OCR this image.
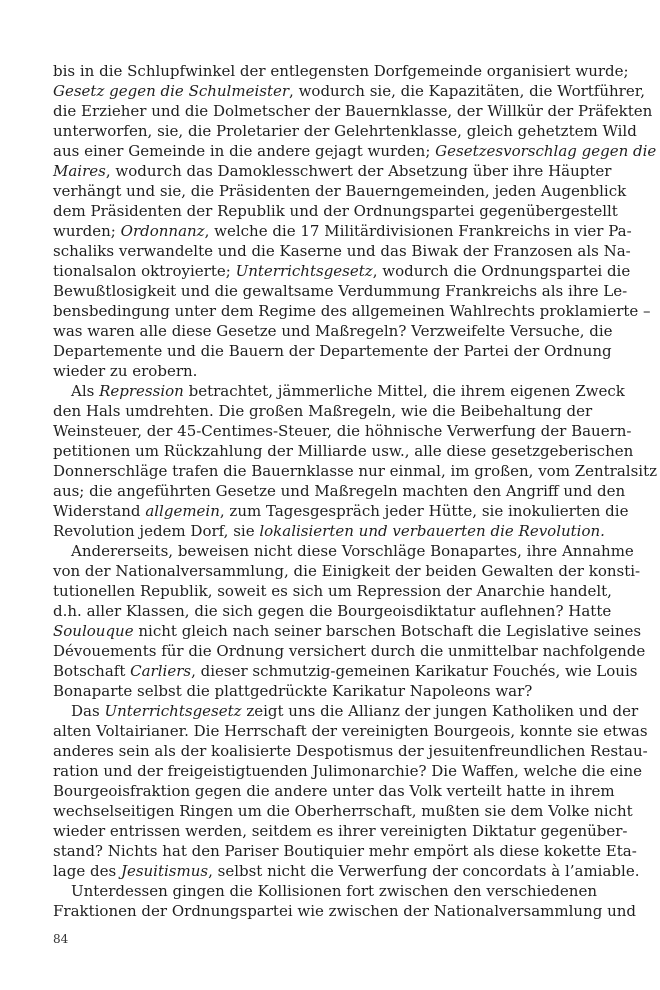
bis in die Schlupfwinkel der entlegensten Dorfgemeinde organisiert wurde;
Gesetz gegen die Schulmeister, wodurch sie, die Kapazitäten, die Wortführer,
die Erzieher und die Dolmetscher der Bauernklasse, der Willkür der Präfekten
unterworfen, sie, die Proletarier der Gelehrtenklasse, gleich gehetztem Wild
aus einer Gemeinde in die andere gejagt wurden; Gesetzesvorschlag gegen die
Maires, wodurch das Damoklesschwert der Absetzung über ihre Häupter
verhängt und sie, die Präsidenten der Bauerngemeinden, jeden Augenblick
dem Präsidenten der Republik und der Ordnungspartei gegenübergestellt
wurden; Ordonnanz, welche die 17 Militärdivisionen Frankreichs in vier Pa-
schaliks verwandelte und die Kaserne und das Biwak der Franzosen als Na-
tionalsalon oktroyierte; Unterrichtsgesetz, wodurch die Ordnungspartei die
Bewußtlosigkeit und die gewaltsame Verdummung Frankreichs als ihre Le-
bensbedingung unter dem Regime des allgemeinen Wahlrechts proklamierte –
was waren alle diese Gesetze und Maßregeln? Verzweifelte Versuche, die
Departemente und die Bauern der Departemente der Partei der Ordnung
wieder zu erobern.
Als Repression betrachtet, jämmerliche Mittel, die ihrem eigenen Zweck
den Hals umdrehten. Die großen Maßregeln, wie die Beibehaltung der
Weinsteuer, der 45-Centimes-Steuer, die höhnische Verwerfung der Bauern-
petitionen um Rückzahlung der Milliarde usw., alle diese gesetzgeberischen
Donnerschläge trafen die Bauernklasse nur einmal, im großen, vom Zentralsitz
aus; die angeführten Gesetze und Maßregeln machten den Angriff und den
Widerstand allgemein, zum Tagesgespräch jeder Hütte, sie inokulierten die
Revolution jedem Dorf, sie lokalisierten und verbauerten die Revolution.
Andererseits, beweisen nicht diese Vorschläge Bonapartes, ihre Annahme
von der Nationalversammlung, die Einigkeit der beiden Gewalten der konsti-
tutionellen Republik, soweit es sich um Repression der Anarchie handelt,
d.h. aller Klassen, die sich gegen die Bourgeoisdiktatur auflehnen? Hatte
Soulouque nicht gleich nach seiner barschen Botschaft die Legislative seines
Dévouements für die Ordnung versichert durch die unmittelbar nachfolgende
Botschaft Carliers, dieser schmutzig-gemeinen Karikatur Fouchés, wie Louis
Bonaparte selbst die plattgedrückte Karikatur Napoleons war?
Das Unterrichtsgesetz zeigt uns die Allianz der jungen Katholiken und der
alten Voltairianer. Die Herrschaft der vereinigten Bourgeois, konnte sie etwas
anderes sein als der koalisierte Despotismus der jesuitenfreundlichen Restau-
ration und der freigeistigtuenden Julimonarchie? Die Waffen, welche die eine
Bourgeoisfraktion gegen die andere unter das Volk verteilt hatte in ihrem
wechselseitigen Ringen um die Oberherrschaft, mußten sie dem Volke nicht
wieder entrissen werden, seitdem es ihrer vereinigten Diktatur gegenüber-
stand? Nichts hat den Pariser Boutiquier mehr empört als diese kokette Eta-
lage des Jesuitismus, selbst nicht die Verwerfung der concordats à l’amiable.
Unterdessen gingen die Kollisionen fort zwischen den verschiedenen
Fraktionen der Ordnungspartei wie zwischen der Nationalversammlung und
84
